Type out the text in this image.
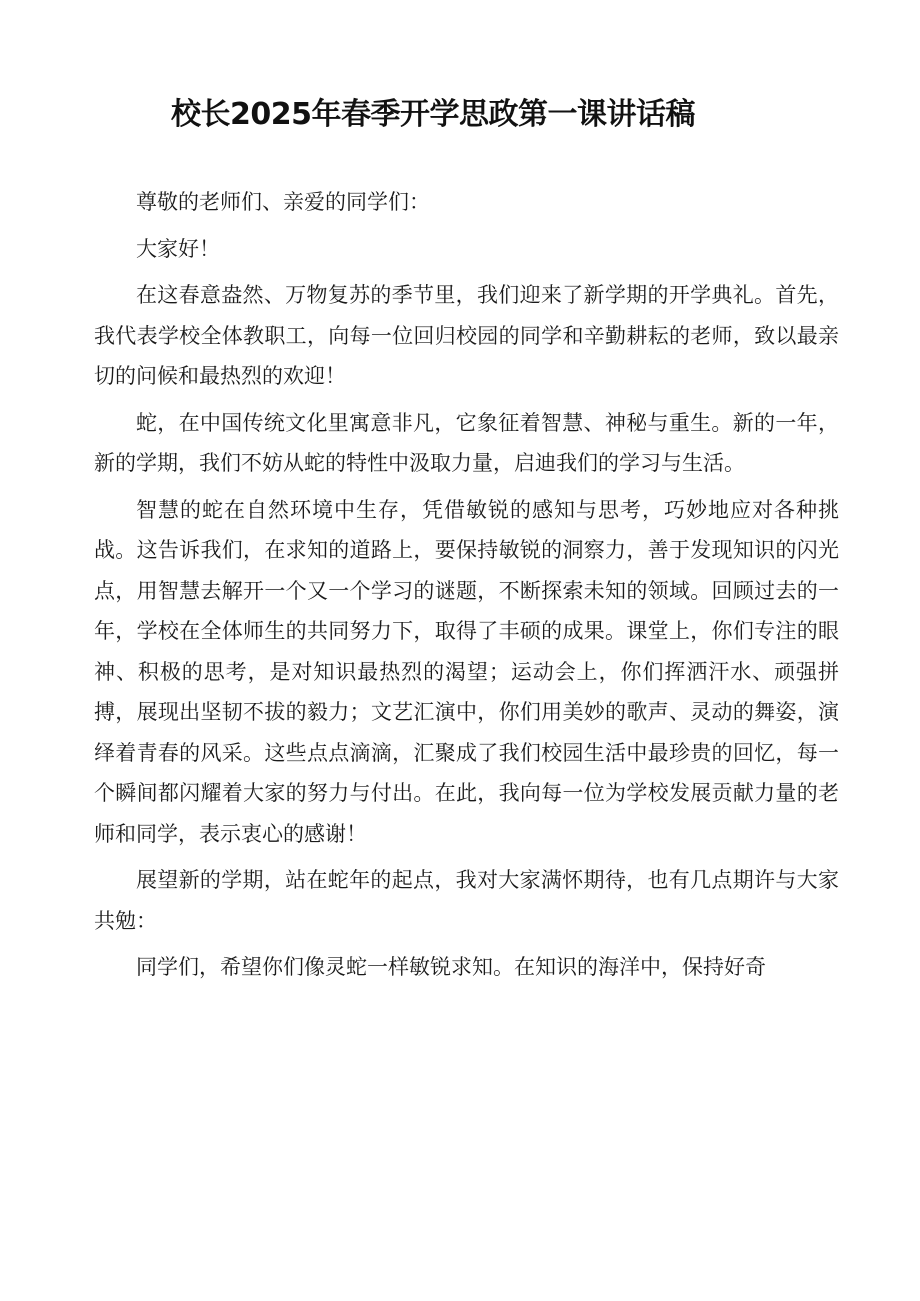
校长2025年春季开学思政第一课讲话稿

尊敬的老师们、亲爱的同学们：

大家好！

在这春意盎然、万物复苏的季节里，我们迎来了新学期的开学典礼。首先，我代表学校全体教职工，向每一位回归校园的同学和辛勤耕耘的老师，致以最亲切的问候和最热烈的欢迎！

蛇，在中国传统文化里寓意非凡，它象征着智慧、神秘与重生。新的一年，新的学期，我们不妨从蛇的特性中汲取力量，启迪我们的学习与生活。

智慧的蛇在自然环境中生存，凭借敏锐的感知与思考，巧妙地应对各种挑战。这告诉我们，在求知的道路上，要保持敏锐的洞察力，善于发现知识的闪光点，用智慧去解开一个又一个学习的谜题，不断探索未知的领域。回顾过去的一年，学校在全体师生的共同努力下，取得了丰硕的成果。课堂上，你们专注的眼神、积极的思考，是对知识最热烈的渴望；运动会上，你们挥洒汗水、顽强拼搏，展现出坚韧不拔的毅力；文艺汇演中，你们用美妙的歌声、灵动的舞姿，演绎着青春的风采。这些点点滴滴，汇聚成了我们校园生活中最珍贵的回忆，每一个瞬间都闪耀着大家的努力与付出。在此，我向每一位为学校发展贡献力量的老师和同学，表示衷心的感谢！

展望新的学期，站在蛇年的起点，我对大家满怀期待，也有几点期许与大家共勉：

同学们，希望你们像灵蛇一样敏锐求知。在知识的海洋中，保持好奇
